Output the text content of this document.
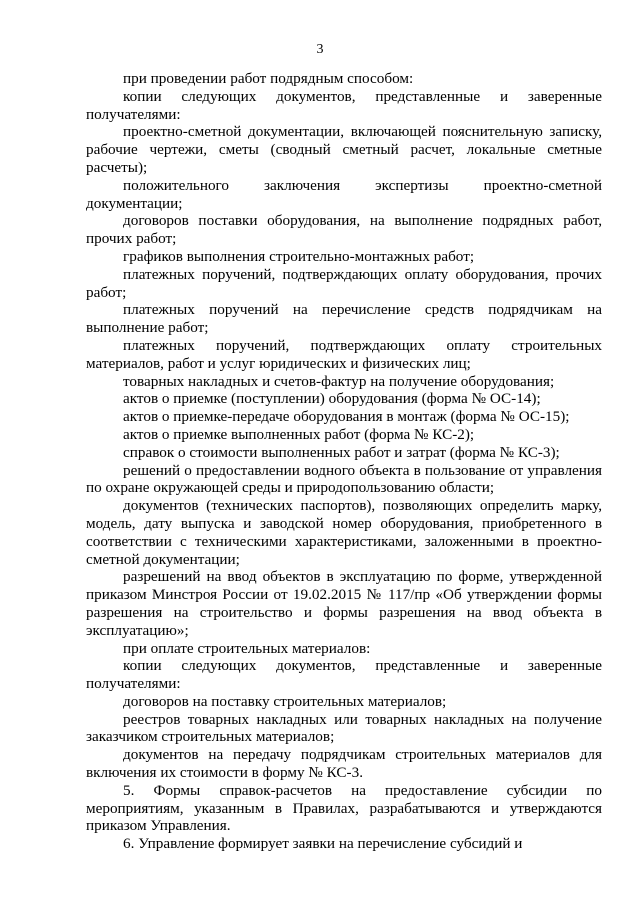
3

при проведении работ подрядным способом:

копии следующих документов, представленные и заверенные получателями:

проектно-сметной документации, включающей пояснительную записку, рабочие чертежи, сметы (сводный сметный расчет, локальные сметные расчеты);

положительного заключения экспертизы проектно-сметной документации;

договоров поставки оборудования, на выполнение подрядных работ, прочих работ;

графиков выполнения строительно-монтажных работ;

платежных поручений, подтверждающих оплату оборудования, прочих работ;

платежных поручений на перечисление средств подрядчикам на выполнение работ;

платежных поручений, подтверждающих оплату строительных материалов, работ и услуг юридических и физических лиц;

товарных накладных и счетов-фактур на получение оборудования;

актов о приемке (поступлении) оборудования (форма № ОС-14);

актов о приемке-передаче оборудования в монтаж (форма № ОС-15);

актов о приемке выполненных работ (форма № КС-2);

справок о стоимости выполненных работ и затрат (форма № КС-3);

решений о предоставлении водного объекта в пользование от управления по охране окружающей среды и природопользованию области;

документов (технических паспортов), позволяющих определить марку, модель, дату выпуска и заводской номер оборудования, приобретенного в соответствии с техническими характеристиками, заложенными в проектно-сметной документации;

разрешений на ввод объектов в эксплуатацию по форме, утвержденной приказом Минстроя России от 19.02.2015 № 117/пр «Об утверждении формы разрешения на строительство и формы разрешения на ввод объекта в эксплуатацию»;

при оплате строительных материалов:

копии следующих документов, представленные и заверенные получателями:

договоров на поставку строительных материалов;

реестров товарных накладных или товарных накладных на получение заказчиком строительных материалов;

документов на передачу подрядчикам строительных материалов для включения их стоимости в форму № КС-3.

5. Формы справок-расчетов на предоставление субсидии по мероприятиям, указанным в Правилах, разрабатываются и утверждаются приказом Управления.

6. Управление формирует заявки на перечисление субсидий и
